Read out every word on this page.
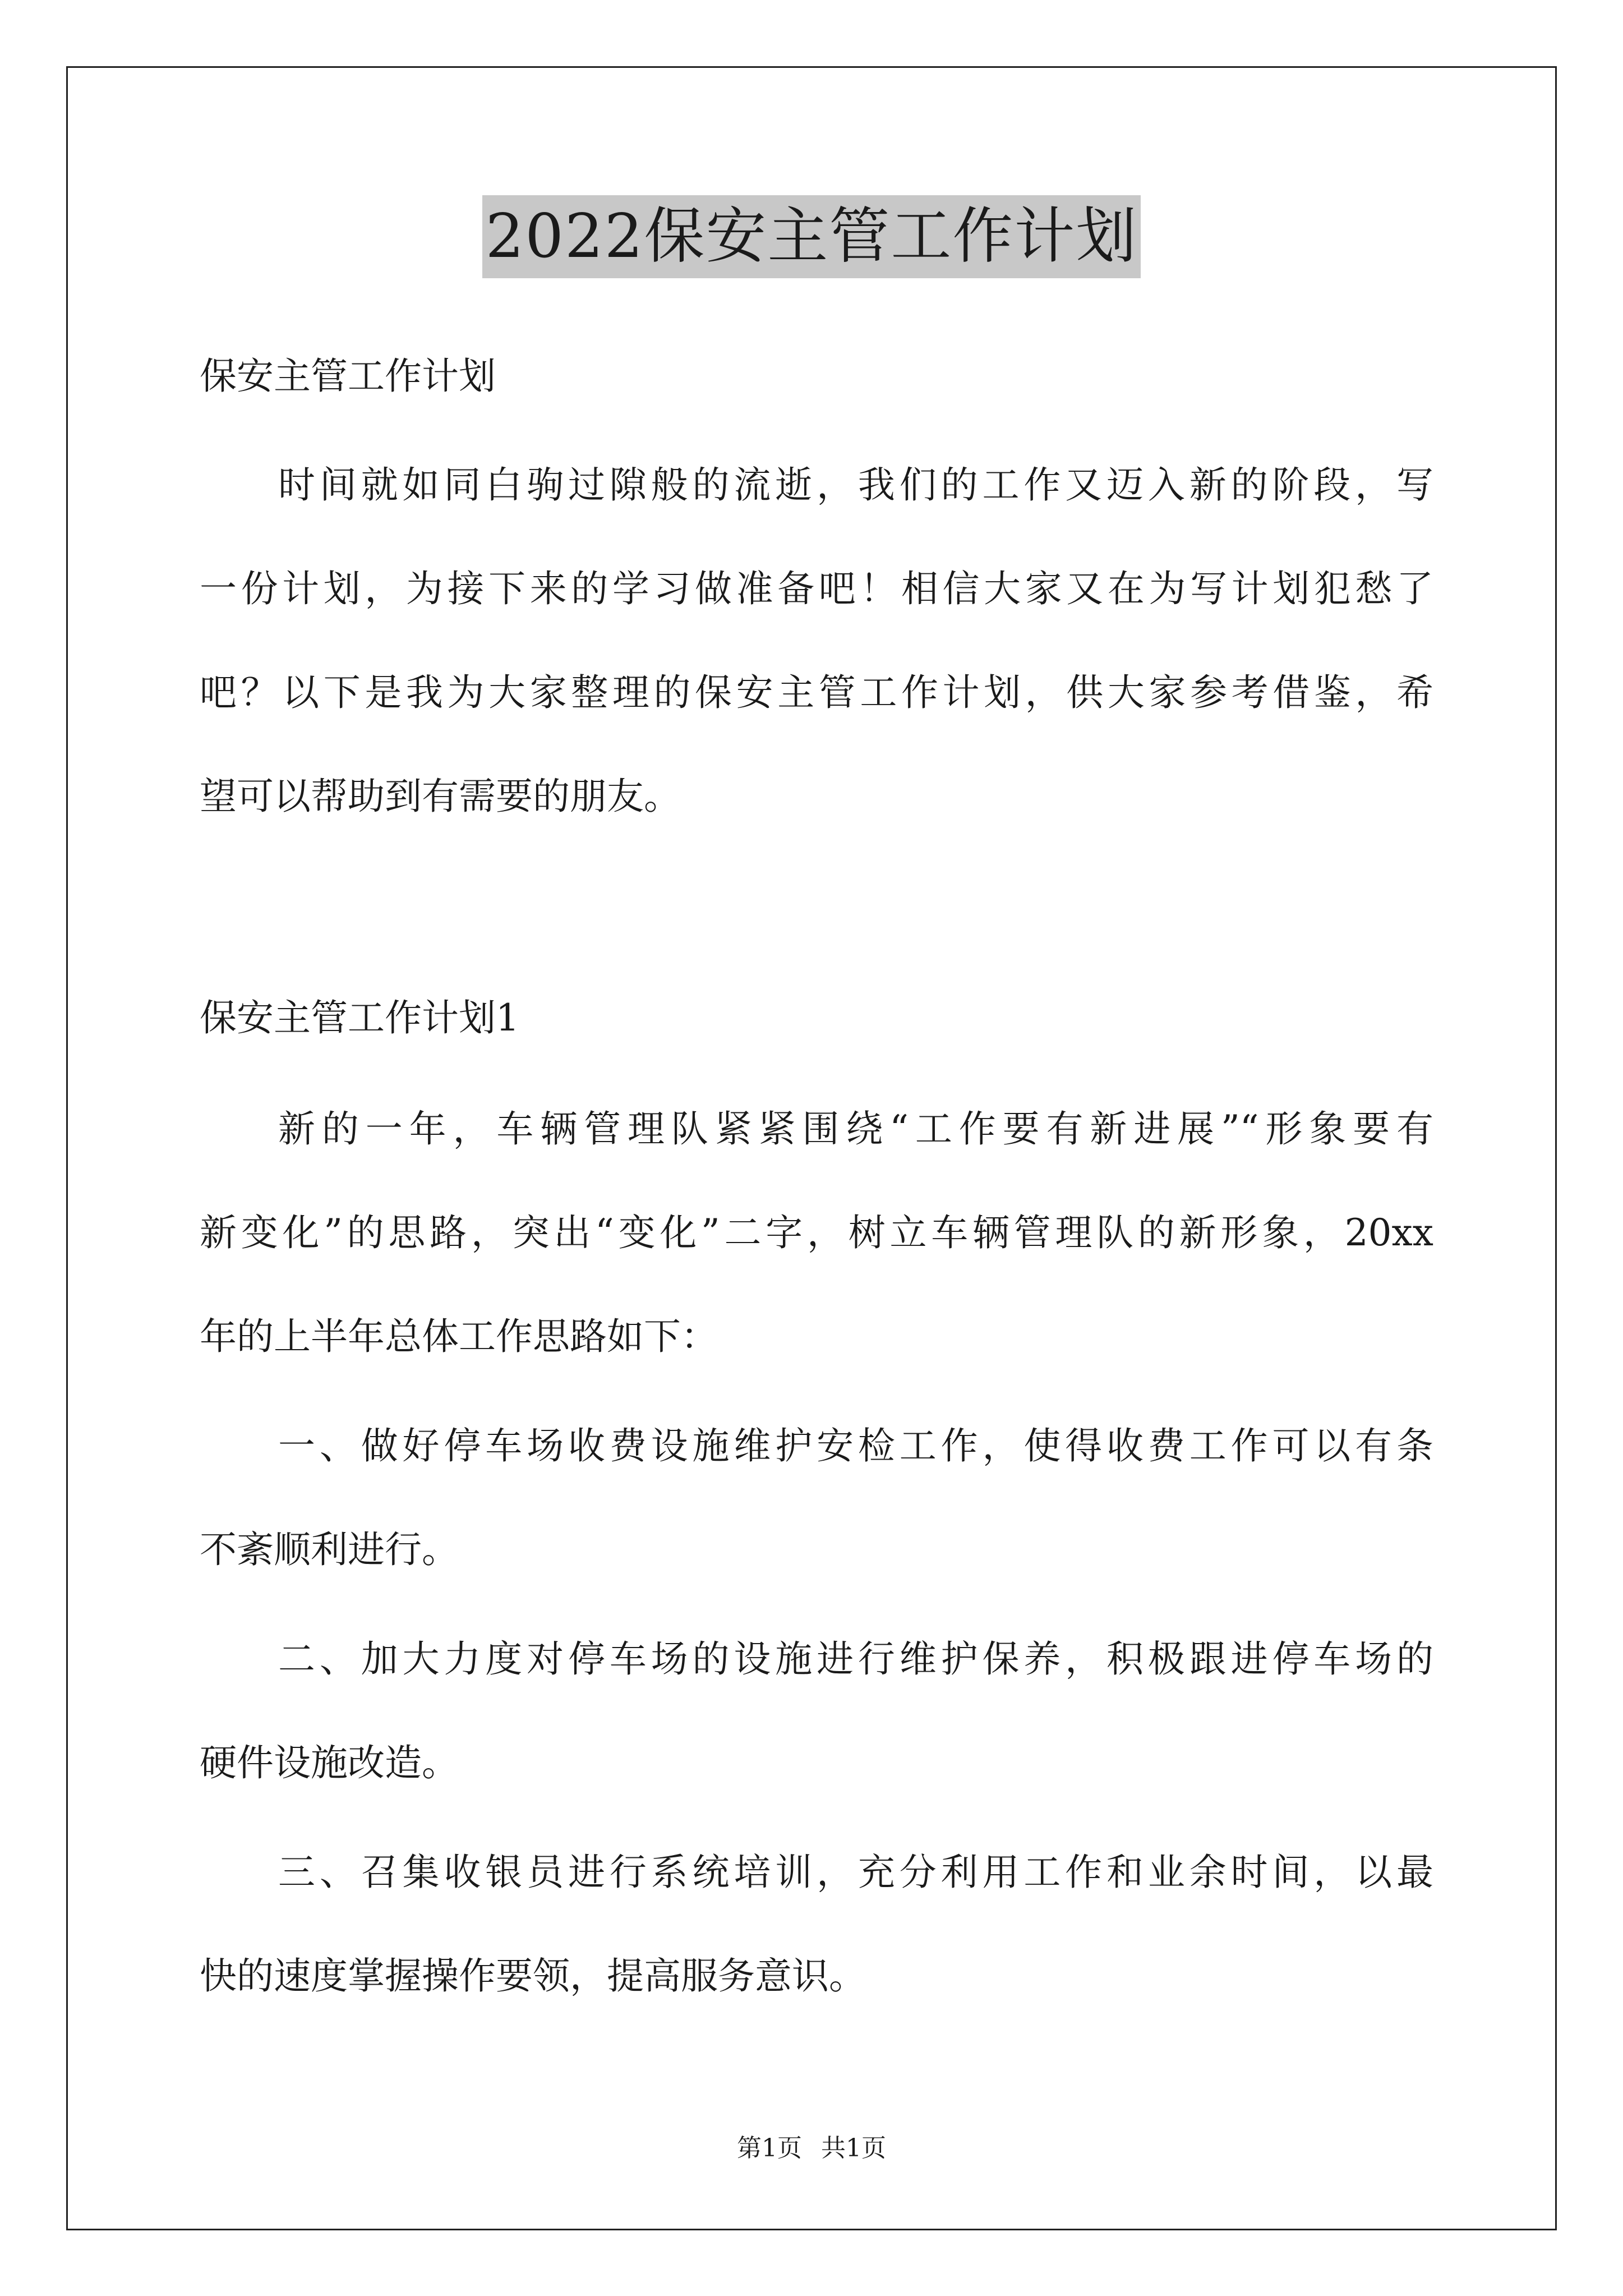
2022保安主管工作计划
保安主管工作计划
时间就如同白驹过隙般的流逝，我们的工作又迈入新的阶段，写
一份计划，为接下来的学习做准备吧！相信大家又在为写计划犯愁了
吧？以下是我为大家整理的保安主管工作计划，供大家参考借鉴，希
望可以帮助到有需要的朋友。
保安主管工作计划1
新的一年，车辆管理队紧紧围绕“工作要有新进展”“形象要有
新变化”的思路，突出“变化”二字，树立车辆管理队的新形象，20xx
年的上半年总体工作思路如下：
一、做好停车场收费设施维护安检工作，使得收费工作可以有条
不紊顺利进行。
二、加大力度对停车场的设施进行维护保养，积极跟进停车场的
硬件设施改造。
三、召集收银员进行系统培训，充分利用工作和业余时间，以最
快的速度掌握操作要领，提高服务意识。
第1页 共1页
